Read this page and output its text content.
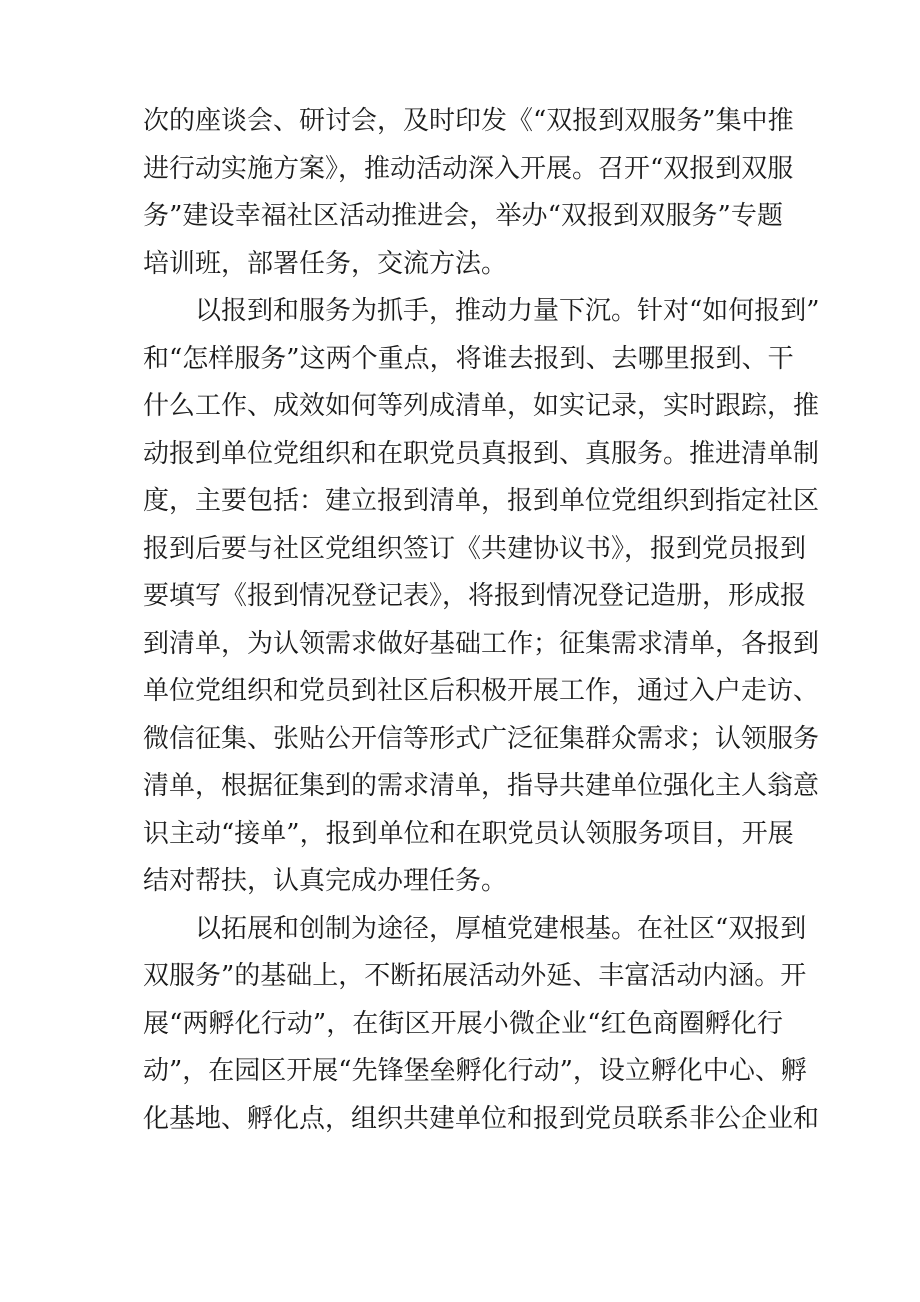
次的座谈会、研讨会，及时印发《“双报到双服务”集中推
进行动实施方案》，推动活动深入开展。召开“双报到双服
务”建设幸福社区活动推进会，举办“双报到双服务”专题
培训班，部署任务，交流方法。
以报到和服务为抓手，推动力量下沉。针对“如何报到”
和“怎样服务”这两个重点，将谁去报到、去哪里报到、干
什么工作、成效如何等列成清单，如实记录，实时跟踪，推
动报到单位党组织和在职党员真报到、真服务。推进清单制
度，主要包括：建立报到清单，报到单位党组织到指定社区
报到后要与社区党组织签订《共建协议书》，报到党员报到
要填写《报到情况登记表》，将报到情况登记造册，形成报
到清单，为认领需求做好基础工作；征集需求清单，各报到
单位党组织和党员到社区后积极开展工作，通过入户走访、
微信征集、张贴公开信等形式广泛征集群众需求；认领服务
清单，根据征集到的需求清单，指导共建单位强化主人翁意
识主动“接单”，报到单位和在职党员认领服务项目，开展
结对帮扶，认真完成办理任务。
以拓展和创制为途径，厚植党建根基。在社区“双报到
双服务”的基础上，不断拓展活动外延、丰富活动内涵。开
展“两孵化行动”，在街区开展小微企业“红色商圈孵化行
动”，在园区开展“先锋堡垒孵化行动”，设立孵化中心、孵
化基地、孵化点，组织共建单位和报到党员联系非公企业和
